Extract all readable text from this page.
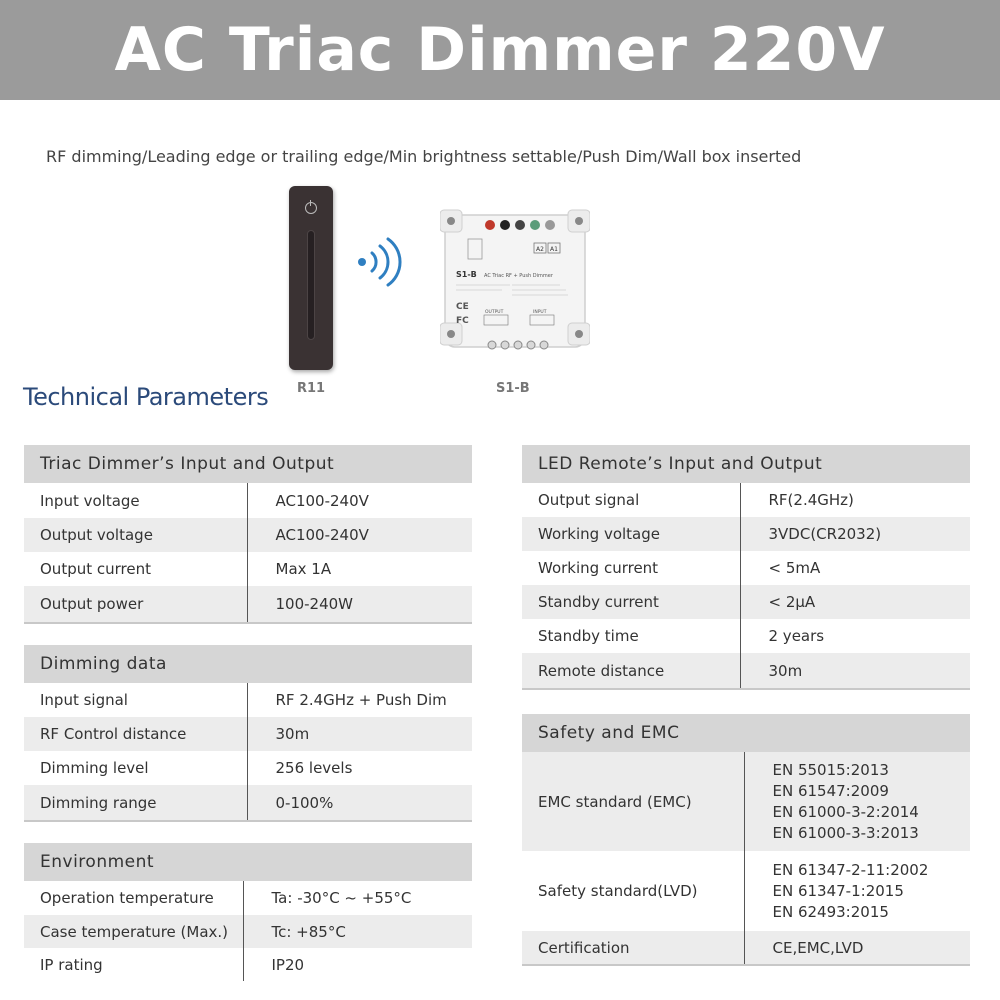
AC Triac Dimmer 220V
RF dimming/Leading edge or trailing edge/Min brightness settable/Push Dim/Wall box inserted
A2 A1
S1-B AC Triac RF + Push Dimmer
CE
FC
OUTPUT	INPUT
R11	S1-B
Technical Parameters
Triac Dimmer’s Input and Output	
Input voltage	AC100-240V
Output voltage	AC100-240V
Output current	Max 1A
Output power	100-240W
Dimming data	
Input signal	RF 2.4GHz + Push Dim
RF Control distance	30m
Dimming level	256 levels
Dimming range	0-100%
Environment	
Operation temperature	Ta: -30°C ~ +55°C
Case temperature (Max.)	Tc: +85°C
IP rating	IP20
LED Remote’s Input and Output	
Output signal	RF(2.4GHz)
Working voltage	3VDC(CR2032)
Working current	< 5mA
Standby current	< 2μA
Standby time	2 years
Remote distance	30m
Safety and EMC	
EMC standard (EMC)	EN 55015:2013
EN 61547:2009
EN 61000-3-2:2014
EN 61000-3-3:2013

Safety standard(LVD)	EN 61347-2-11:2002
EN 61347-1:2015
EN 62493:2015

Certification	CE,EMC,LVD
